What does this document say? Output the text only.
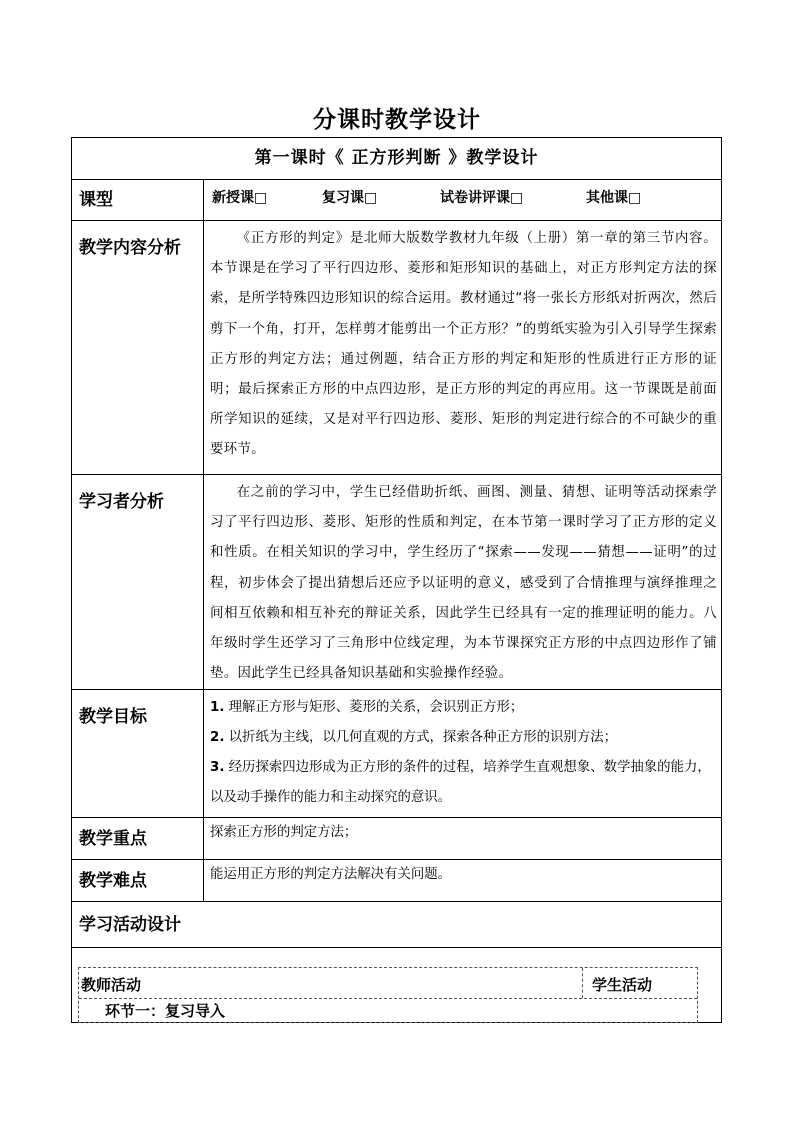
分课时教学设计
第一课时《 正方形判断 》教学设计
课型	新授课□	复习课□	试卷讲评课□	其他课□
教学内容分析	《正方形的判定》是北师大版数学教材九年级（上册）第一章的第三节内容。本节课是在学习了平行四边形、菱形和矩形知识的基础上，对正方形判定方法的探索，是所学特殊四边形知识的综合运用。教材通过“将一张长方形纸对折两次，然后剪下一个角，打开，怎样剪才能剪出一个正方形？”的剪纸实验为引入引导学生探索正方形的判定方法；通过例题，结合正方形的判定和矩形的性质进行正方形的证明；最后探索正方形的中点四边形，是正方形的判定的再应用。这一节课既是前面所学知识的延续，又是对平行四边形、菱形、矩形的判定进行综合的不可缺少的重要环节。
学习者分析	在之前的学习中，学生已经借助折纸、画图、测量、猜想、证明等活动探索学习了平行四边形、菱形、矩形的性质和判定，在本节第一课时学习了正方形的定义和性质。在相关知识的学习中，学生经历了“探索——发现——猜想——证明”的过程，初步体会了提出猜想后还应予以证明的意义，感受到了合情推理与演绎推理之间相互依赖和相互补充的辩证关系，因此学生已经具有一定的推理证明的能力。八年级时学生还学习了三角形中位线定理，为本节课探究正方形的中点四边形作了铺垫。因此学生已经具备知识基础和实验操作经验。
教学目标	1. 理解正方形与矩形、菱形的关系，会识别正方形；
2. 以折纸为主线，以几何直观的方式，探索各种正方形的识别方法；
3. 经历探索四边形成为正方形的条件的过程，培养学生直观想象、数学抽象的能力，以及动手操作的能力和主动探究的意识。
教学重点	探索正方形的判定方法；
教学难点	能运用正方形的判定方法解决有关问题。
学习活动设计
教师活动	学生活动
环节一：复习导入
